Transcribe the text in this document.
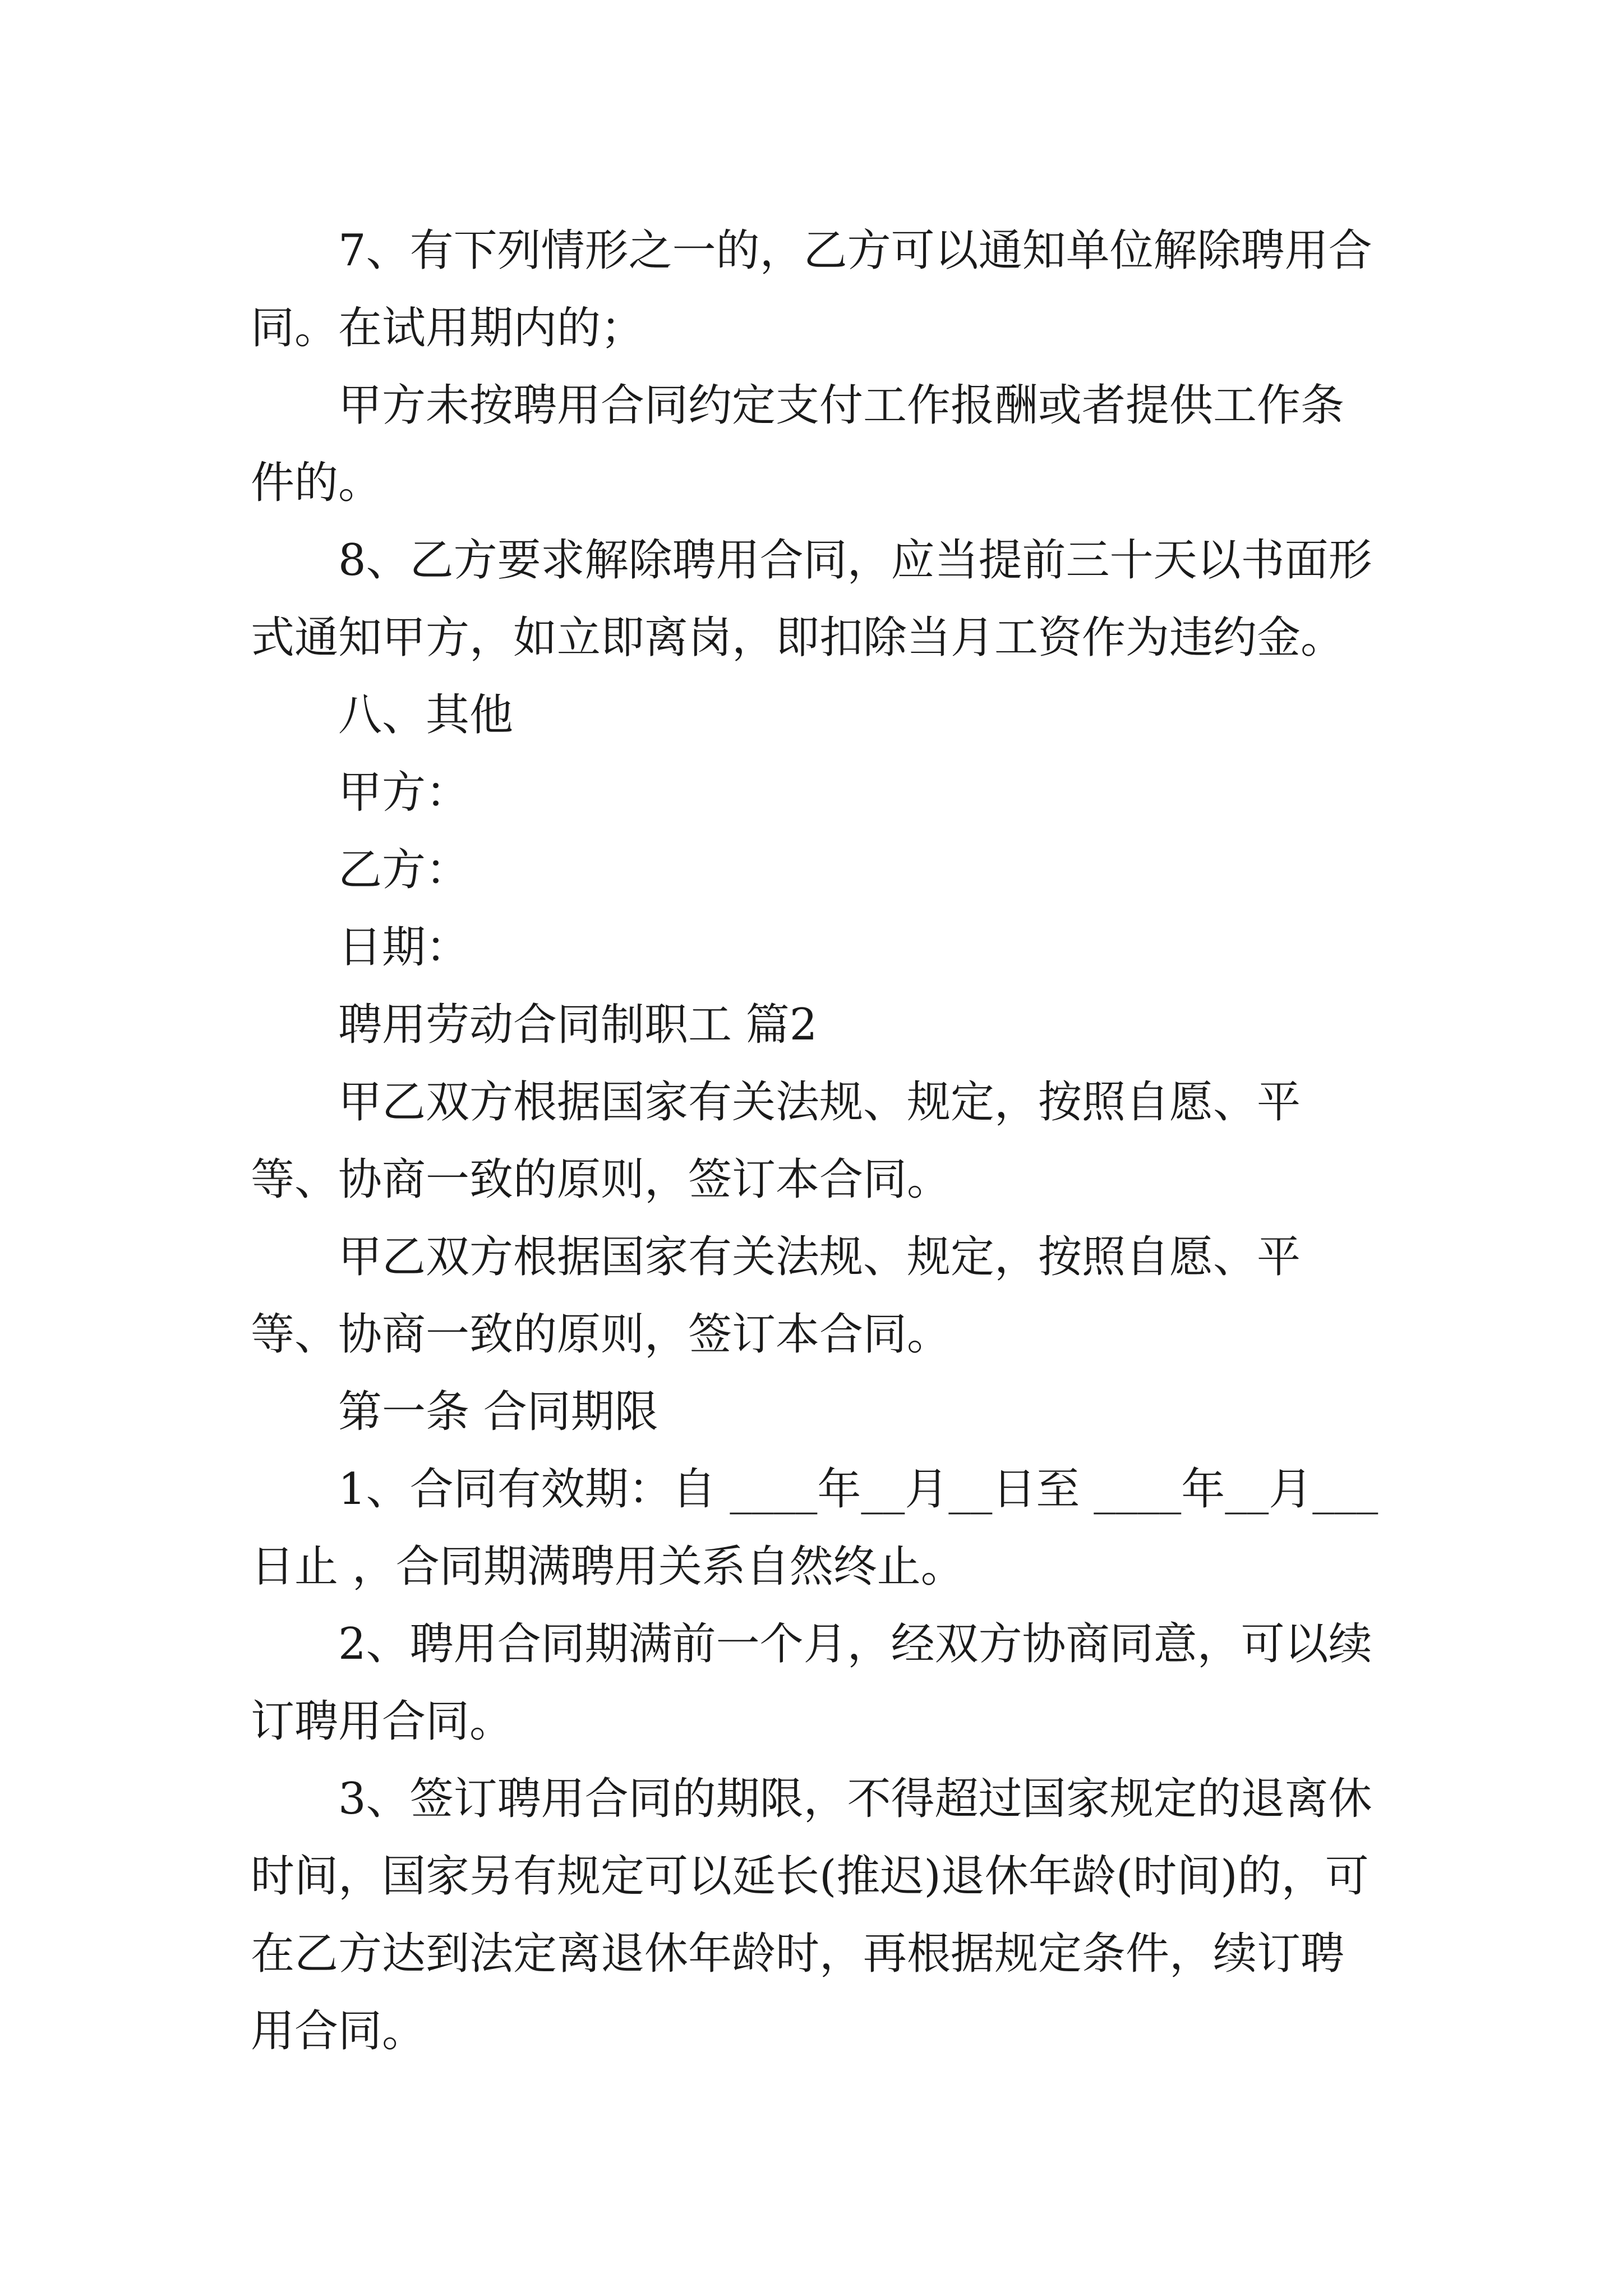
7、有下列情形之一的，乙方可以通知单位解除聘用合同。在试用期内的；

甲方未按聘用合同约定支付工作报酬或者提供工作条件的。

8、乙方要求解除聘用合同，应当提前三十天以书面形式通知甲方，如立即离岗，即扣除当月工资作为违约金。

八、其他

甲方：

乙方：

日期：

聘用劳动合同制职工 篇2

甲乙双方根据国家有关法规、规定，按照自愿、平等、协商一致的原则，签订本合同。

甲乙双方根据国家有关法规、规定，按照自愿、平等、协商一致的原则，签订本合同。

第一条 合同期限

1、合同有效期：自 ____年__月__日至 ____年__月___日止 ，合同期满聘用关系自然终止。

2、聘用合同期满前一个月，经双方协商同意，可以续订聘用合同。

3、签订聘用合同的期限，不得超过国家规定的退离休时间，国家另有规定可以延长(推迟)退休年龄(时间)的，可在乙方达到法定离退休年龄时，再根据规定条件，续订聘用合同。
